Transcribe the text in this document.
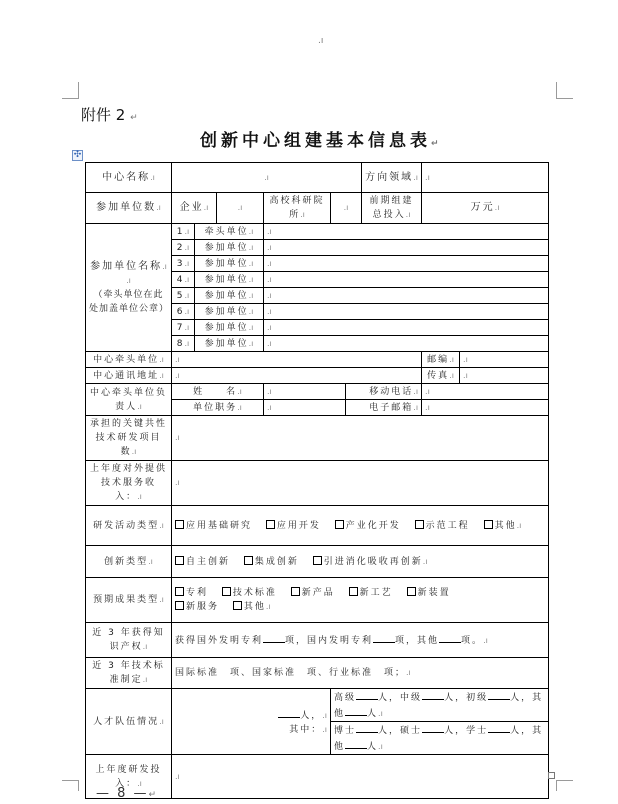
.ı
附件 2 ↵
创新中心组建基本信息表↵
✣
中心名称.ı	.ı						方向领域.ı	.ı	
参加单位数.ı	企业.ı		.ı	高校科研院所.ı	.ı		前期组建总投入.ı	万元.ı	

参加单位名称.ı
.ı
（牵头单位在此处加盖单位公章）	1.ı	牵头单位.ı		.ı					
	2.ı	参加单位.ı		.ı					
	3.ı	参加单位.ı		.ı					
	4.ı	参加单位.ı		.ı					
	5.ı	参加单位.ı		.ı					
	6.ı	参加单位.ı		.ı					
	7.ı	参加单位.ı		.ı					
	8.ı	参加单位.ı		.ı					
中心牵头单位.ı	.ı							邮编.ı	.ı
中心通讯地址.ı	.ı							传真.ı	.ı
中心牵头单位负责人.ı	姓　　名.ı			.ı		移动电话.ı		.ı	
	单位职务.ı			.ı		电子邮箱.ı		.ı	
承担的关键共性技术研发项目数.ı	.ı								
上年度对外提供技术服务收入：.ı	.ı								
研发活动类型.ı	应用基础研究 应用开发 产业化开发 示范工程 其他.ı								
创新类型.ı	自主创新 集成创新 引进消化吸收再创新.ı								
预期成果类型.ı	专利 技术标准 新产品 新工艺 新装置
新服务 其他.ı								

近 3 年获得知识产权.ı	获得国外发明专利 项，国内发明专利 项，其他 项。.ı								
近 3 年技术标准制定.ı	国际标准　项、国家标准　项、行业标准　项；.ı								
人才队伍情况.ı	人，.ı
其中：.ı				高级 人，中级 人，初级 人，其他 人.ı				
					博士 人，硕士 人，学士 人，其他 人.ı				
上年度研发投入：.ı	.ı								
— 8 —↵
